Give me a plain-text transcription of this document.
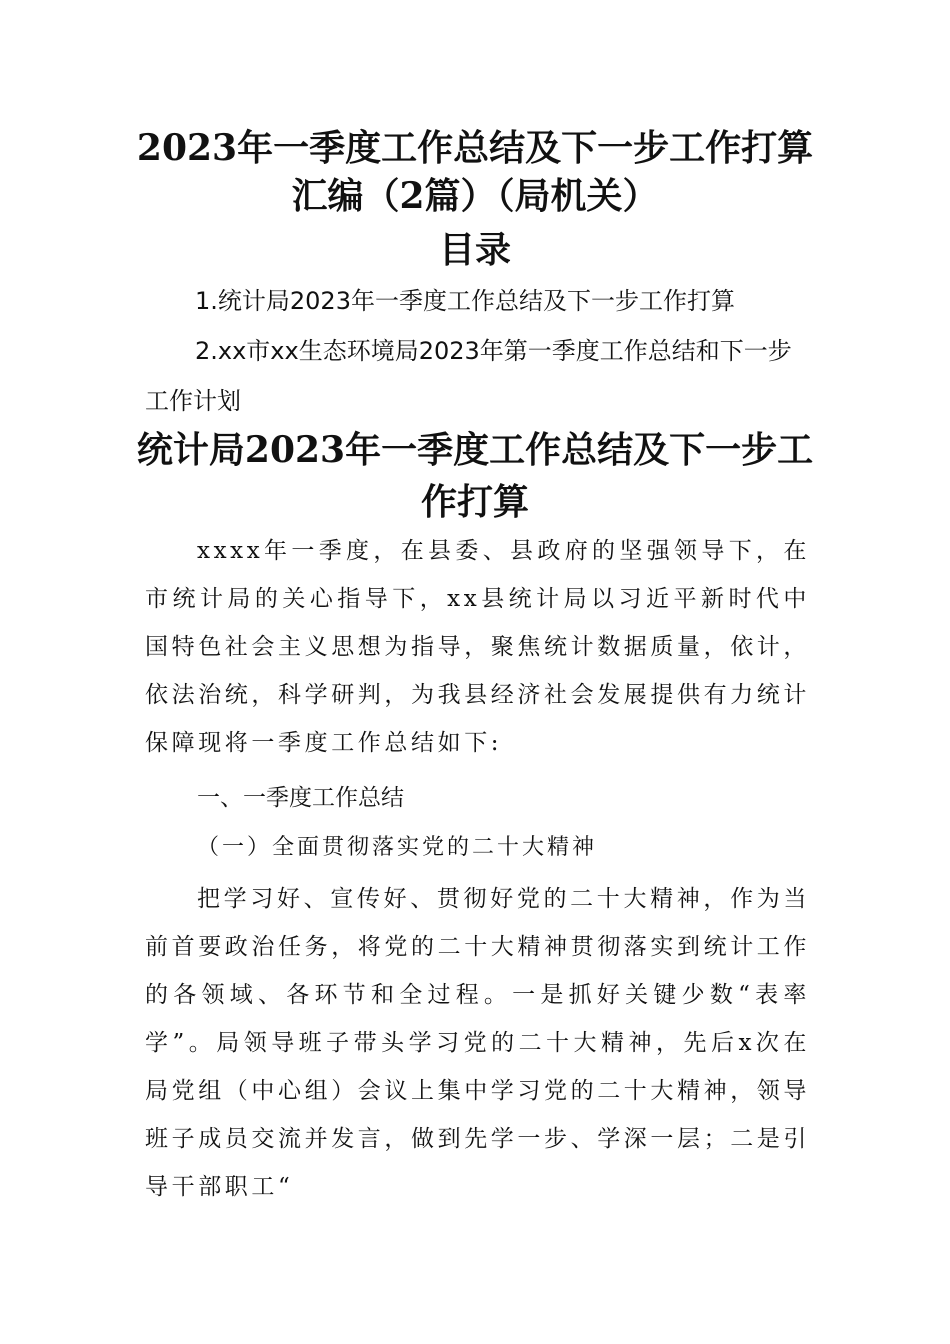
2023年一季度工作总结及下一步工作打算汇编（2篇）（局机关）
目录

1.统计局2023年一季度工作总结及下一步工作打算

2.xx市xx生态环境局2023年第一季度工作总结和下一步工作计划

统计局2023年一季度工作总结及下一步工作打算

xxxx年一季度，在县委、县政府的坚强领导下，在市统计局的关心指导下，xx县统计局以习近平新时代中国特色社会主义思想为指导，聚焦统计数据质量，依计，依法治统，科学研判，为我县经济社会发展提供有力统计保障现将一季度工作总结如下:

一、一季度工作总结

（一）全面贯彻落实党的二十大精神

把学习好、宣传好、贯彻好党的二十大精神，作为当前首要政治任务，将党的二十大精神贯彻落实到统计工作的各领域、各环节和全过程。一是抓好关键少数“表率学”。局领导班子带头学习党的二十大精神，先后x次在局党组（中心组）会议上集中学习党的二十大精神，领导班子成员交流并发言，做到先学一步、学深一层；二是引导干部职工“
